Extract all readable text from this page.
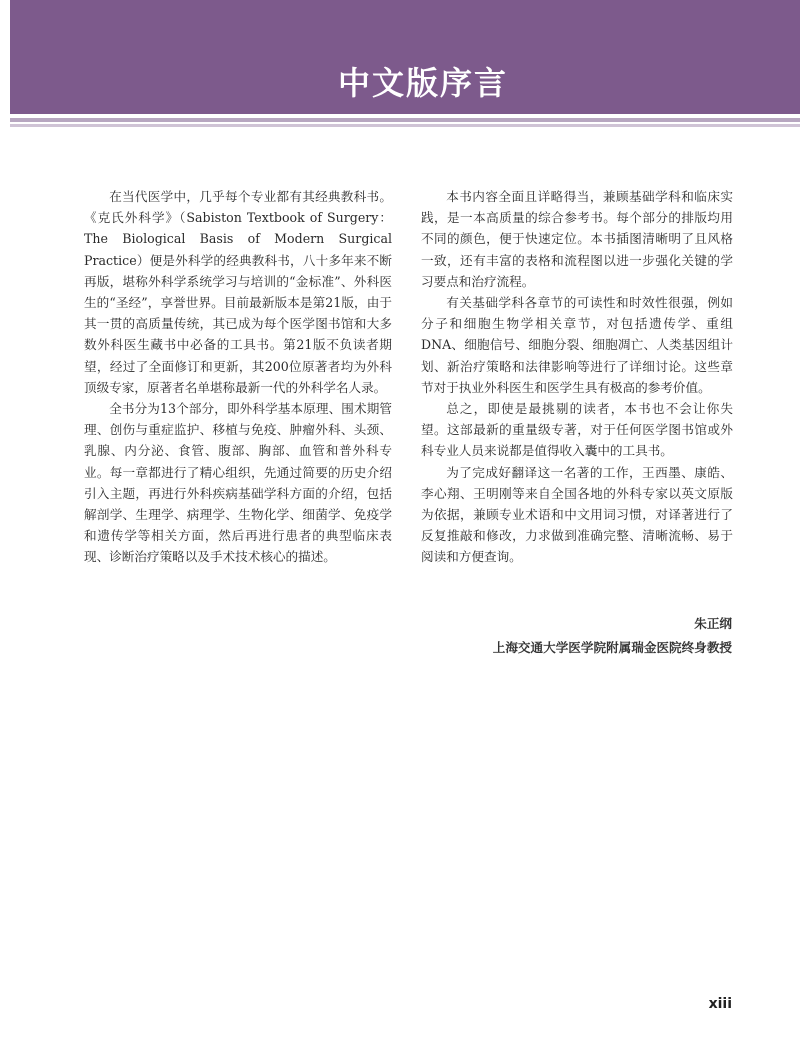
中文版序言

在当代医学中，几乎每个专业都有其经典教科书。《克氏外科学》（Sabiston Textbook of Surgery：The Biological Basis of Modern Surgical Practice）便是外科学的经典教科书，八十多年来不断再版，堪称外科学系统学习与培训的“金标准”、外科医生的“圣经”，享誉世界。目前最新版本是第21版，由于其一贯的高质量传统，其已成为每个医学图书馆和大多数外科医生藏书中必备的工具书。第21版不负读者期望，经过了全面修订和更新，其200位原著者均为外科顶级专家，原著者名单堪称最新一代的外科学名人录。

全书分为13个部分，即外科学基本原理、围术期管理、创伤与重症监护、移植与免疫、肿瘤外科、头颈、乳腺、内分泌、食管、腹部、胸部、血管和普外科专业。每一章都进行了精心组织，先通过简要的历史介绍引入主题，再进行外科疾病基础学科方面的介绍，包括解剖学、生理学、病理学、生物化学、细菌学、免疫学和遗传学等相关方面，然后再进行患者的典型临床表现、诊断治疗策略以及手术技术核心的描述。

本书内容全面且详略得当，兼顾基础学科和临床实践，是一本高质量的综合参考书。每个部分的排版均用不同的颜色，便于快速定位。本书插图清晰明了且风格一致，还有丰富的表格和流程图以进一步强化关键的学习要点和治疗流程。

有关基础学科各章节的可读性和时效性很强，例如分子和细胞生物学相关章节，对包括遗传学、重组DNA、细胞信号、细胞分裂、细胞凋亡、人类基因组计划、新治疗策略和法律影响等进行了详细讨论。这些章节对于执业外科医生和医学生具有极高的参考价值。

总之，即使是最挑剔的读者，本书也不会让你失望。这部最新的重量级专著，对于任何医学图书馆或外科专业人员来说都是值得收入囊中的工具书。

为了完成好翻译这一名著的工作，王西墨、康皓、李心翔、王明刚等来自全国各地的外科专家以英文原版为依据，兼顾专业术语和中文用词习惯，对译著进行了反复推敲和修改，力求做到准确完整、清晰流畅、易于阅读和方便查询。

朱正纲
上海交通大学医学院附属瑞金医院终身教授
xiii
